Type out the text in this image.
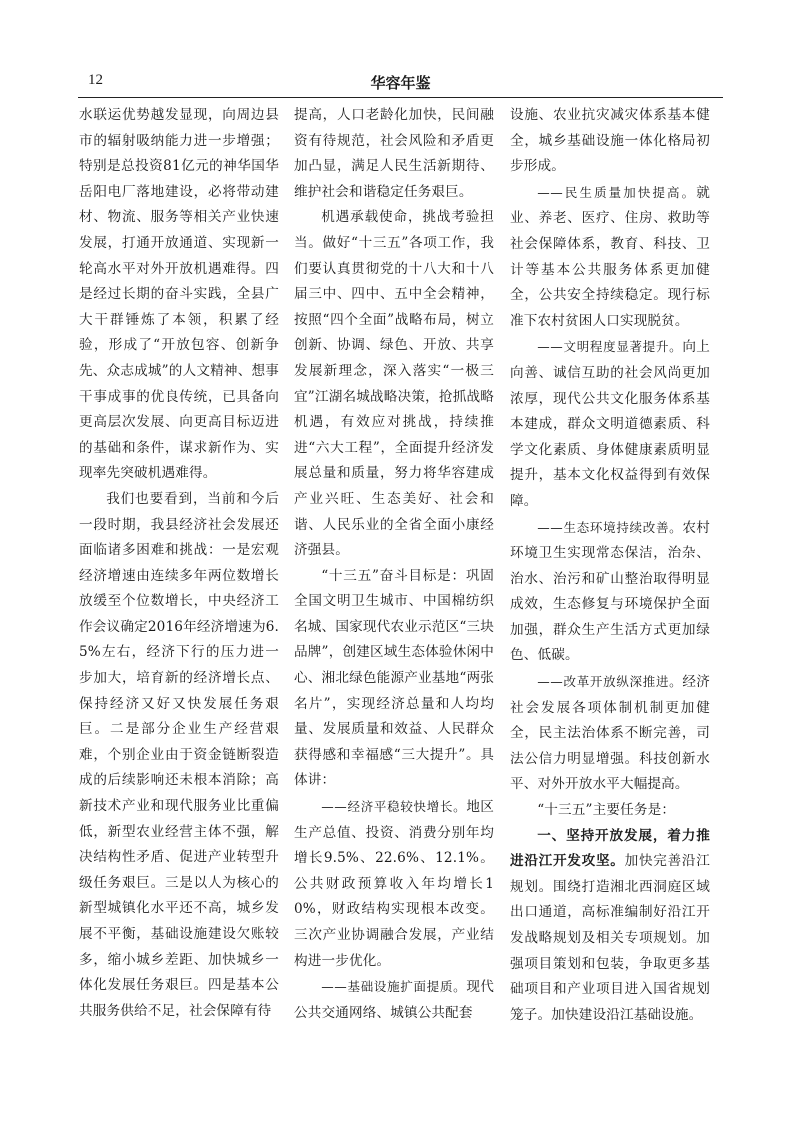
12	华容年鉴

水联运优势越发显现，向周边县市的辐射吸纳能力进一步增强；特别是总投资81亿元的神华国华岳阳电厂落地建设，必将带动建材、物流、服务等相关产业快速发展，打通开放通道、实现新一轮高水平对外开放机遇难得。四是经过长期的奋斗实践，全县广大干群锤炼了本领，积累了经验，形成了“开放包容、创新争先、众志成城”的人文精神、想事干事成事的优良传统，已具备向更高层次发展、向更高目标迈进的基础和条件，谋求新作为、实现率先突破机遇难得。

我们也要看到，当前和今后一段时期，我县经济社会发展还面临诸多困难和挑战：一是宏观经济增速由连续多年两位数增长放缓至个位数增长，中央经济工作会议确定2016年经济增速为6.5%左右，经济下行的压力进一步加大，培育新的经济增长点、保持经济又好又快发展任务艰巨。二是部分企业生产经营艰难，个别企业由于资金链断裂造成的后续影响还未根本消除；高新技术产业和现代服务业比重偏低，新型农业经营主体不强，解决结构性矛盾、促进产业转型升级任务艰巨。三是以人为核心的新型城镇化水平还不高，城乡发展不平衡，基础设施建设欠账较多，缩小城乡差距、加快城乡一体化发展任务艰巨。四是基本公共服务供给不足，社会保障有待

提高，人口老龄化加快，民间融资有待规范，社会风险和矛盾更加凸显，满足人民生活新期待、维护社会和谐稳定任务艰巨。

机遇承载使命，挑战考验担当。做好“十三五”各项工作，我们要认真贯彻党的十八大和十八届三中、四中、五中全会精神，按照“四个全面”战略布局，树立创新、协调、绿色、开放、共享发展新理念，深入落实“一极三宜”江湖名城战略决策，抢抓战略机遇，有效应对挑战，持续推进“六大工程”，全面提升经济发展总量和质量，努力将华容建成产业兴旺、生态美好、社会和谐、人民乐业的全省全面小康经济强县。

“十三五”奋斗目标是：巩固全国文明卫生城市、中国棉纺织名城、国家现代农业示范区“三块品牌”，创建区域生态体验休闲中心、湘北绿色能源产业基地“两张名片”，实现经济总量和人均均量、发展质量和效益、人民群众获得感和幸福感“三大提升”。具体讲：

——经济平稳较快增长。地区生产总值、投资、消费分别年均增长9.5%、22.6%、12.1%。公共财政预算收入年均增长10%，财政结构实现根本改变。三次产业协调融合发展，产业结构进一步优化。

——基础设施扩面提质。现代公共交通网络、城镇公共配套

设施、农业抗灾减灾体系基本健全，城乡基础设施一体化格局初步形成。

——民生质量加快提高。就业、养老、医疗、住房、救助等社会保障体系，教育、科技、卫计等基本公共服务体系更加健全，公共安全持续稳定。现行标准下农村贫困人口实现脱贫。

——文明程度显著提升。向上向善、诚信互助的社会风尚更加浓厚，现代公共文化服务体系基本建成，群众文明道德素质、科学文化素质、身体健康素质明显提升，基本文化权益得到有效保障。

——生态环境持续改善。农村环境卫生实现常态保洁，治杂、治水、治污和矿山整治取得明显成效，生态修复与环境保护全面加强，群众生产生活方式更加绿色、低碳。

——改革开放纵深推进。经济社会发展各项体制机制更加健全，民主法治体系不断完善，司法公信力明显增强。科技创新水平、对外开放水平大幅提高。

“十三五”主要任务是：

一、坚持开放发展，着力推进沿江开发攻坚。加快完善沿江规划。围绕打造湘北西洞庭区域出口通道，高标准编制好沿江开发战略规划及相关专项规划。加强项目策划和包装，争取更多基础项目和产业项目进入国省规划笼子。加快建设沿江基础设施。
